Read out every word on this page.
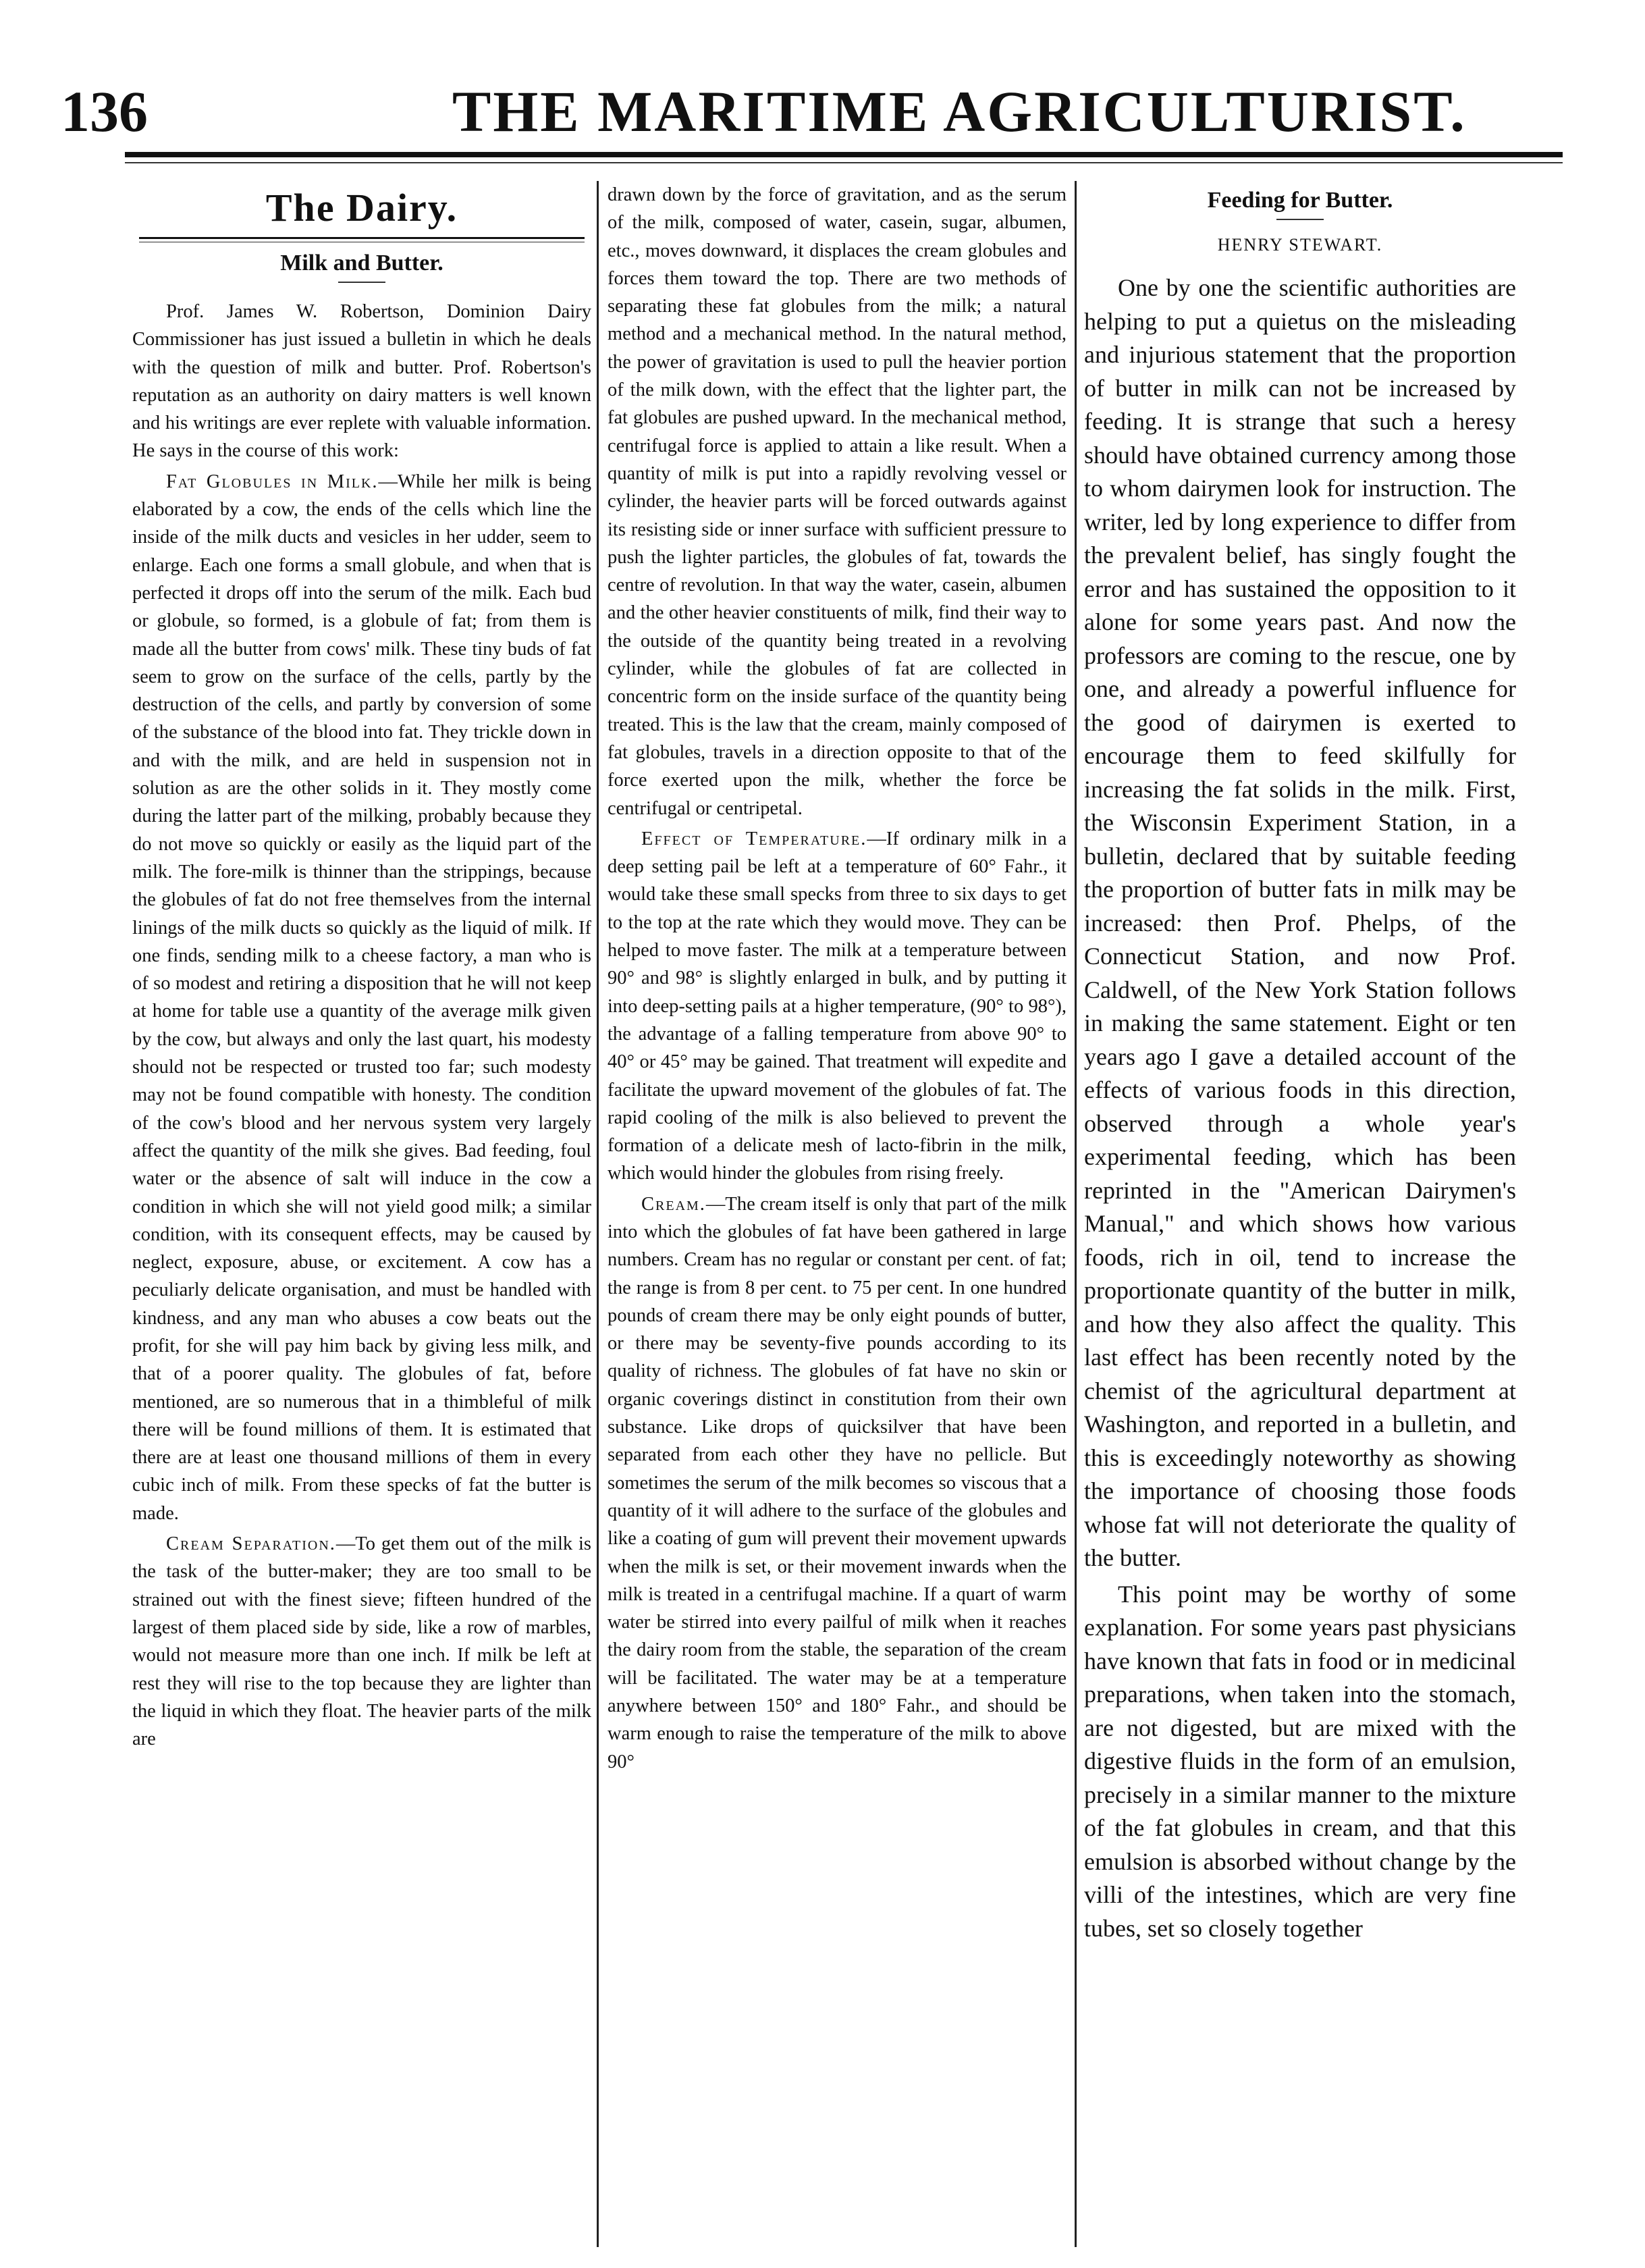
136	THE MARITIME AGRICULTURIST.
The Dairy.
Milk and Butter.

Prof. James W. Robertson, Dominion Dairy Commissioner has just issued a bulletin in which he deals with the question of milk and butter. Prof. Robertson's reputation as an authority on dairy matters is well known and his writings are ever replete with valuable information. He says in the course of this work:

Fat Globules in Milk.—While her milk is being elaborated by a cow, the ends of the cells which line the inside of the milk ducts and vesicles in her udder, seem to enlarge. Each one forms a small globule, and when that is perfected it drops off into the serum of the milk. Each bud or globule, so formed, is a globule of fat; from them is made all the butter from cows' milk. These tiny buds of fat seem to grow on the surface of the cells, partly by the destruction of the cells, and partly by conversion of some of the substance of the blood into fat. They trickle down in and with the milk, and are held in suspension not in solution as are the other solids in it. They mostly come during the latter part of the milking, probably because they do not move so quickly or easily as the liquid part of the milk. The fore-milk is thinner than the strippings, because the globules of fat do not free themselves from the internal linings of the milk ducts so quickly as the liquid of milk. If one finds, sending milk to a cheese factory, a man who is of so modest and retiring a disposition that he will not keep at home for table use a quantity of the average milk given by the cow, but always and only the last quart, his modesty should not be respected or trusted too far; such modesty may not be found compatible with honesty. The condition of the cow's blood and her nervous system very largely affect the quantity of the milk she gives. Bad feeding, foul water or the absence of salt will induce in the cow a condition in which she will not yield good milk; a similar condition, with its consequent effects, may be caused by neglect, exposure, abuse, or excitement. A cow has a peculiarly delicate organisation, and must be handled with kindness, and any man who abuses a cow beats out the profit, for she will pay him back by giving less milk, and that of a poorer quality. The globules of fat, before mentioned, are so numerous that in a thimbleful of milk there will be found millions of them. It is estimated that there are at least one thousand millions of them in every cubic inch of milk. From these specks of fat the butter is made.

Cream Separation.—To get them out of the milk is the task of the butter-maker; they are too small to be strained out with the finest sieve; fifteen hundred of the largest of them placed side by side, like a row of marbles, would not measure more than one inch. If milk be left at rest they will rise to the top because they are lighter than the liquid in which they float. The heavier parts of the milk are

drawn down by the force of gravitation, and as the serum of the milk, composed of water, casein, sugar, albumen, etc., moves downward, it displaces the cream globules and forces them toward the top. There are two methods of separating these fat globules from the milk; a natural method and a mechanical method. In the natural method, the power of gravitation is used to pull the heavier portion of the milk down, with the effect that the lighter part, the fat globules are pushed upward. In the mechanical method, centrifugal force is applied to attain a like result. When a quantity of milk is put into a rapidly revolving vessel or cylinder, the heavier parts will be forced outwards against its resisting side or inner surface with sufficient pressure to push the lighter particles, the globules of fat, towards the centre of revolution. In that way the water, casein, albumen and the other heavier constituents of milk, find their way to the outside of the quantity being treated in a revolving cylinder, while the globules of fat are collected in concentric form on the inside surface of the quantity being treated. This is the law that the cream, mainly composed of fat globules, travels in a direction opposite to that of the force exerted upon the milk, whether the force be centrifugal or centripetal.

Effect of Temperature.—If ordinary milk in a deep setting pail be left at a temperature of 60° Fahr., it would take these small specks from three to six days to get to the top at the rate which they would move. They can be helped to move faster. The milk at a temperature between 90° and 98° is slightly enlarged in bulk, and by putting it into deep-setting pails at a higher temperature, (90° to 98°), the advantage of a falling temperature from above 90° to 40° or 45° may be gained. That treatment will expedite and facilitate the upward movement of the globules of fat. The rapid cooling of the milk is also believed to prevent the formation of a delicate mesh of lacto-fibrin in the milk, which would hinder the globules from rising freely.

Cream.—The cream itself is only that part of the milk into which the globules of fat have been gathered in large numbers. Cream has no regular or constant per cent. of fat; the range is from 8 per cent. to 75 per cent. In one hundred pounds of cream there may be only eight pounds of butter, or there may be seventy-five pounds according to its quality of richness. The globules of fat have no skin or organic coverings distinct in constitution from their own substance. Like drops of quicksilver that have been separated from each other they have no pellicle. But sometimes the serum of the milk becomes so viscous that a quantity of it will adhere to the surface of the globules and like a coating of gum will prevent their movement upwards when the milk is set, or their movement inwards when the milk is treated in a centrifugal machine. If a quart of warm water be stirred into every pailful of milk when it reaches the dairy room from the stable, the separation of the cream will be facilitated. The water may be at a temperature anywhere between 150° and 180° Fahr., and should be warm enough to raise the temperature of the milk to above 90°

Feeding for Butter.
HENRY STEWART.

One by one the scientific authorities are helping to put a quietus on the misleading and injurious statement that the proportion of butter in milk can not be increased by feeding. It is strange that such a heresy should have obtained currency among those to whom dairymen look for instruction. The writer, led by long experience to differ from the prevalent belief, has singly fought the error and has sustained the opposition to it alone for some years past. And now the professors are coming to the rescue, one by one, and already a powerful influence for the good of dairymen is exerted to encourage them to feed skilfully for increasing the fat solids in the milk. First, the Wisconsin Experiment Station, in a bulletin, declared that by suitable feeding the proportion of butter fats in milk may be increased: then Prof. Phelps, of the Connecticut Station, and now Prof. Caldwell, of the New York Station follows in making the same statement. Eight or ten years ago I gave a detailed account of the effects of various foods in this direction, observed through a whole year's experimental feeding, which has been reprinted in the "American Dairymen's Manual," and which shows how various foods, rich in oil, tend to increase the proportionate quantity of the butter in milk, and how they also affect the quality. This last effect has been recently noted by the chemist of the agricultural department at Washington, and reported in a bulletin, and this is exceedingly noteworthy as showing the importance of choosing those foods whose fat will not deteriorate the quality of the butter.

This point may be worthy of some explanation. For some years past physicians have known that fats in food or in medicinal preparations, when taken into the stomach, are not digested, but are mixed with the digestive fluids in the form of an emulsion, precisely in a similar manner to the mixture of the fat globules in cream, and that this emulsion is absorbed without change by the villi of the intestines, which are very fine tubes, set so closely together
